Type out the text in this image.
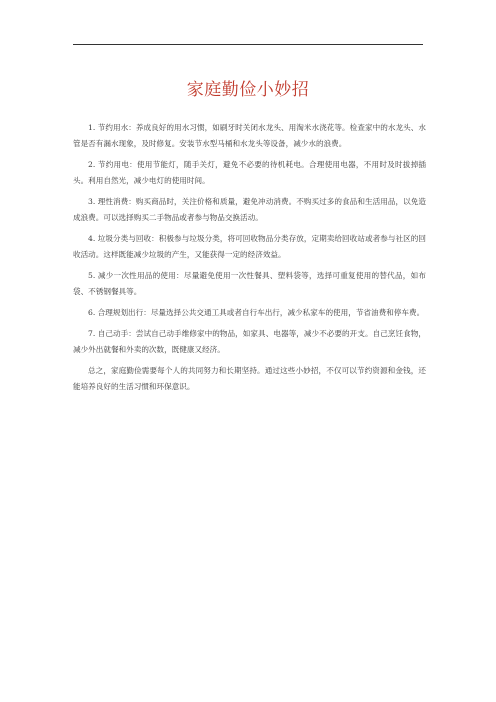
家庭勤俭小妙招

1. 节约用水：养成良好的用水习惯，如刷牙时关闭水龙头、用淘米水浇花等。检查家中的水龙头、水管是否有漏水现象，及时修复。安装节水型马桶和水龙头等设备，减少水的浪费。

2. 节约用电：使用节能灯，随手关灯，避免不必要的待机耗电。合理使用电器，不用时及时拔掉插头。利用自然光，减少电灯的使用时间。

3. 理性消费：购买商品时，关注价格和质量，避免冲动消费。不购买过多的食品和生活用品，以免造成浪费。可以选择购买二手物品或者参与物品交换活动。

4. 垃圾分类与回收：积极参与垃圾分类，将可回收物品分类存放，定期卖给回收站或者参与社区的回收活动。这样既能减少垃圾的产生，又能获得一定的经济效益。

5. 减少一次性用品的使用：尽量避免使用一次性餐具、塑料袋等，选择可重复使用的替代品，如布袋、不锈钢餐具等。

6. 合理规划出行：尽量选择公共交通工具或者自行车出行，减少私家车的使用，节省油费和停车费。

7. 自己动手：尝试自己动手维修家中的物品，如家具、电器等，减少不必要的开支。自己烹饪食物，减少外出就餐和外卖的次数，既健康又经济。

总之，家庭勤俭需要每个人的共同努力和长期坚持。通过这些小妙招，不仅可以节约资源和金钱，还能培养良好的生活习惯和环保意识。
